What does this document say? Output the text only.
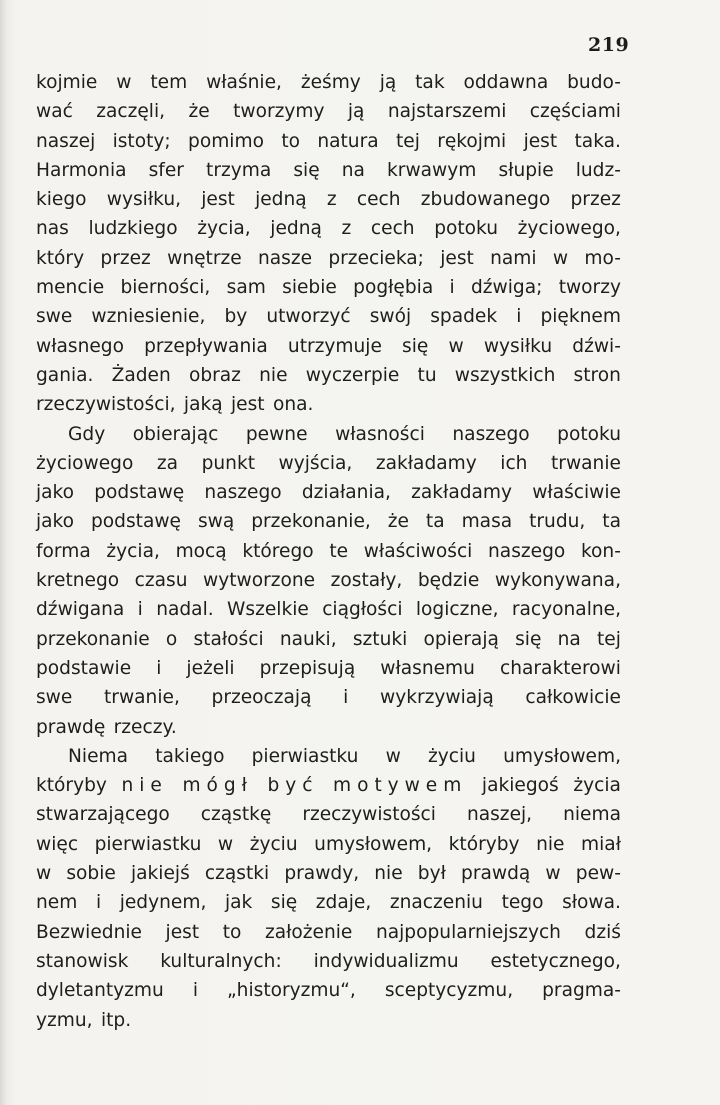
219
kojmie w tem właśnie, żeśmy ją tak oddawna budo-
wać zaczęli, że tworzymy ją najstarszemi częściami
naszej istoty; pomimo to natura tej rękojmi jest taka.
Harmonia sfer trzyma się na krwawym słupie ludz-
kiego wysiłku, jest jedną z cech zbudowanego przez
nas ludzkiego życia, jedną z cech potoku życiowego,
który przez wnętrze nasze przecieka; jest nami w mo-
mencie bierności, sam siebie pogłębia i dźwiga; tworzy
swe wzniesienie, by utworzyć swój spadek i pięknem
własnego przepływania utrzymuje się w wysiłku dźwi-
gania. Żaden obraz nie wyczerpie tu wszystkich stron
rzeczywistości, jaką jest ona.
Gdy obierając pewne własności naszego potoku
życiowego za punkt wyjścia, zakładamy ich trwanie
jako podstawę naszego działania, zakładamy właściwie
jako podstawę swą przekonanie, że ta masa trudu, ta
forma życia, mocą którego te właściwości naszego kon-
kretnego czasu wytworzone zostały, będzie wykonywana,
dźwigana i nadal. Wszelkie ciągłości logiczne, racyonalne,
przekonanie o stałości nauki, sztuki opierają się na tej
podstawie i jeżeli przepisują własnemu charakterowi
swe trwanie, przeoczają i wykrzywiają całkowicie
prawdę rzeczy.
Niema takiego pierwiastku w życiu umysłowem,
któryby nie mógł być motywem jakiegoś życia
stwarzającego cząstkę rzeczywistości naszej, niema
więc pierwiastku w życiu umysłowem, któryby nie miał
w sobie jakiejś cząstki prawdy, nie był prawdą w pew-
nem i jedynem, jak się zdaje, znaczeniu tego słowa.
Bezwiednie jest to założenie najpopularniejszych dziś
stanowisk kulturalnych: indywidualizmu estetycznego,
dyletantyzmu i „historyzmu“, sceptycyzmu, pragma-
yzmu, itp.
